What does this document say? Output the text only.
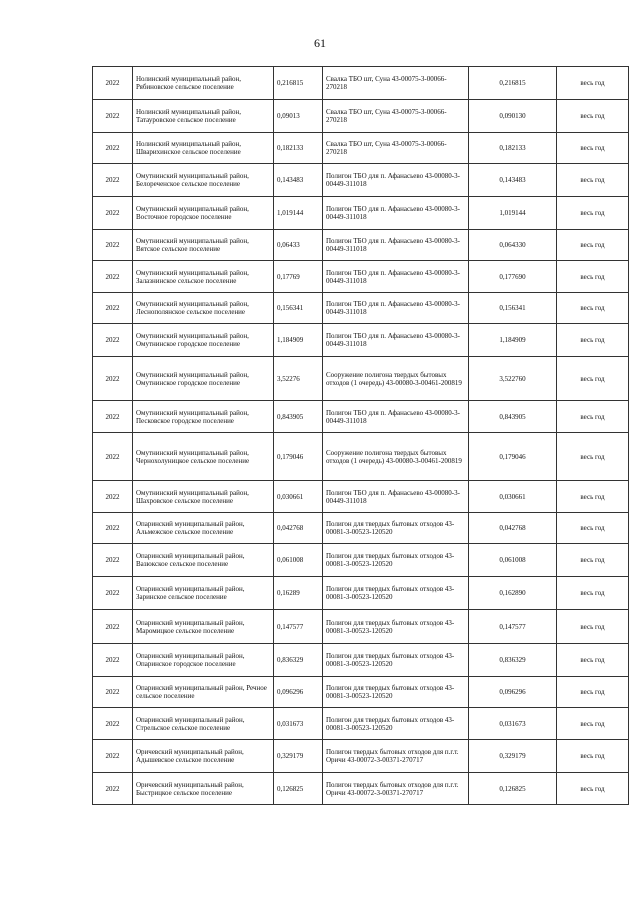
61
2022	Нолинский муниципальный район, Рябиновское сельское поселение	0,216815	Свалка ТБО шт, Суна 43-00075-3-00066-270218	0,216815	весь год
2022	Нолинский муниципальный район, Татауровское сельское поселение	0,09013	Свалка ТБО шт, Суна 43-00075-3-00066-270218	0,090130	весь год
2022	Нолинский муниципальный район, Шварихинское сельское поселение	0,182133	Свалка ТБО шт, Суна 43-00075-3-00066-270218	0,182133	весь год
2022	Омутнинский муниципальный район, Белореченское сельское поселение	0,143483	Полигон ТБО для п. Афанасьево 43-00080-3-00449-311018	0,143483	весь год
2022	Омутнинский муниципальный район, Восточное городское поселение	1,019144	Полигон ТБО для п. Афанасьево 43-00080-3-00449-311018	1,019144	весь год
2022	Омутнинский муниципальный район, Вятское сельское поселение	0,06433	Полигон ТБО для п. Афанасьево 43-00080-3-00449-311018	0,064330	весь год
2022	Омутнинский муниципальный район, Залазнинское сельское поселение	0,17769	Полигон ТБО для п. Афанасьево 43-00080-3-00449-311018	0,177690	весь год
2022	Омутнинский муниципальный район, Леснополянское сельское поселение	0,156341	Полигон ТБО для п. Афанасьево 43-00080-3-00449-311018	0,156341	весь год
2022	Омутнинский муниципальный район, Омутнинское городское поселение	1,184909	Полигон ТБО для п. Афанасьево 43-00080-3-00449-311018	1,184909	весь год
2022	Омутнинский муниципальный район, Омутнинское городское поселение	3,52276	Сооружение полигона твердых бытовых отходов (1 очередь) 43-00080-3-00461-200819	3,522760	весь год
2022	Омутнинский муниципальный район, Песковское городское поселение	0,843905	Полигон ТБО для п. Афанасьево 43-00080-3-00449-311018	0,843905	весь год
2022	Омутнинский муниципальный район, Чернохолуницкое сельское поселение	0,179046	Сооружение полигона твердых бытовых отходов (1 очередь) 43-00080-3-00461-200819	0,179046	весь год
2022	Омутнинский муниципальный район, Шахровское сельское поселение	0,030661	Полигон ТБО для п. Афанасьево 43-00080-3-00449-311018	0,030661	весь год
2022	Опаринский муниципальный район, Альмежское сельское поселение	0,042768	Полигон для твердых бытовых отходов 43-00081-3-00523-120520	0,042768	весь год
2022	Опаринский муниципальный район, Вазюкское сельское поселение	0,061008	Полигон для твердых бытовых отходов 43-00081-3-00523-120520	0,061008	весь год
2022	Опаринский муниципальный район, Заринское сельское поселение	0,16289	Полигон для твердых бытовых отходов 43-00081-3-00523-120520	0,162890	весь год
2022	Опаринский муниципальный район, Маромицкое сельское поселение	0,147577	Полигон для твердых бытовых отходов 43-00081-3-00523-120520	0,147577	весь год
2022	Опаринский муниципальный район, Опаринское городское поселение	0,836329	Полигон для твердых бытовых отходов 43-00081-3-00523-120520	0,836329	весь год
2022	Опаринский муниципальный район, Речное сельское поселение	0,096296	Полигон для твердых бытовых отходов 43-00081-3-00523-120520	0,096296	весь год
2022	Опаринский муниципальный район, Стрельское сельское поселение	0,031673	Полигон для твердых бытовых отходов 43-00081-3-00523-120520	0,031673	весь год
2022	Оричевский муниципальный район, Адышевское сельское поселение	0,329179	Полигон твердых бытовых отходов для п.г.т. Оричи 43-00072-3-00371-270717	0,329179	весь год
2022	Оричевский муниципальный район, Быстрицкое сельское поселение	0,126825	Полигон твердых бытовых отходов для п.г.т. Оричи 43-00072-3-00371-270717	0,126825	весь год
